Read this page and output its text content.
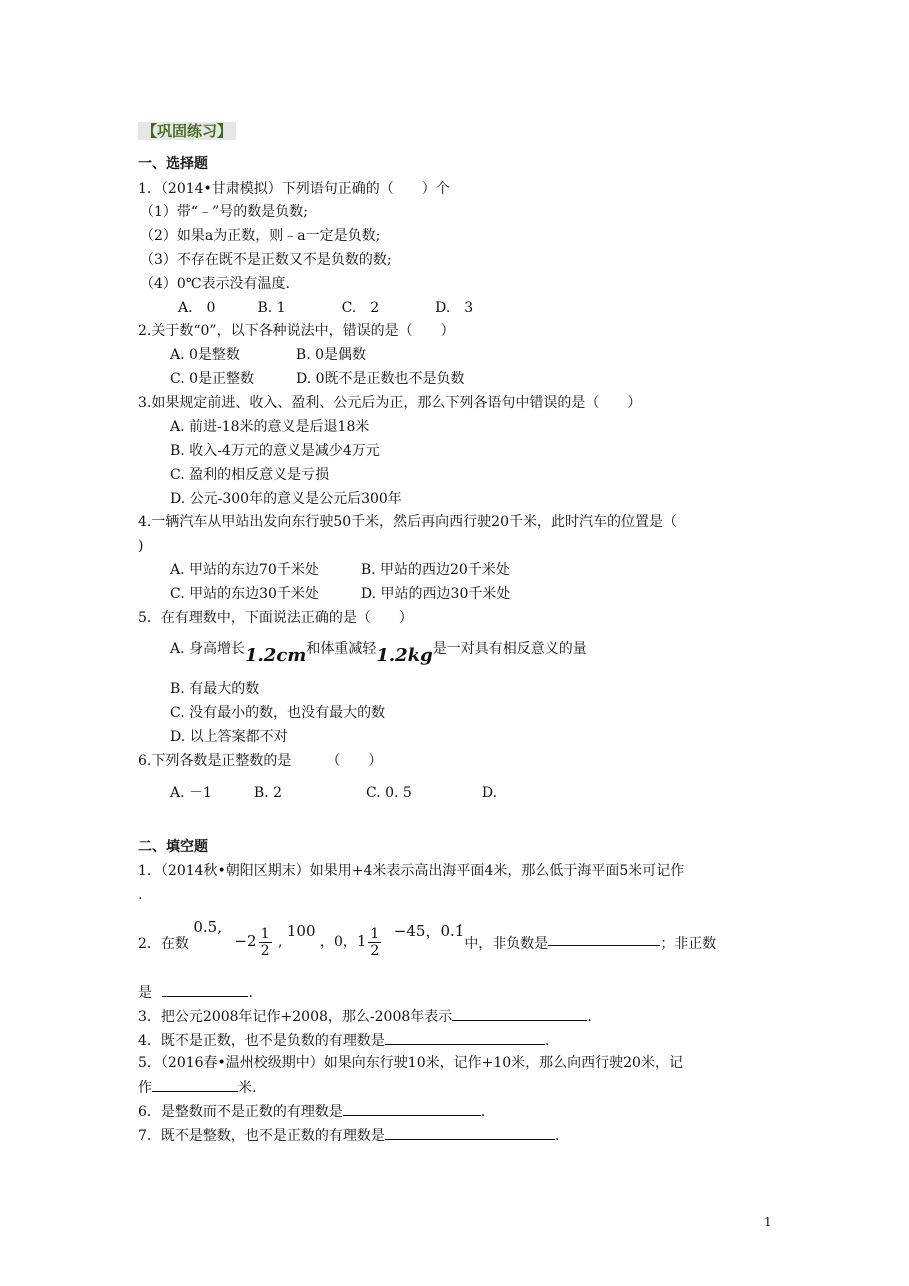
【巩固练习】
一、选择题
1．（2014•甘肃模拟）下列语句正确的（　　）个
（1）带“﹣”号的数是负数;
（2）如果a为正数，则﹣a一定是负数;
（3）不存在既不是正数又不是负数的数;
（4）0℃表示没有温度.
A.　0　　　B. 1　　　　C.　2　　　　D.　3
2.关于数“0”，以下各种说法中，错误的是（　　）
A. 0是整数　　　　B. 0是偶数
C. 0是正整数　　　D. 0既不是正数也不是负数
3.如果规定前进、收入、盈利、公元后为正，那么下列各语句中错误的是（　　）
A. 前进-18米的意义是后退18米
B. 收入-4万元的意义是减少4万元
C. 盈利的相反意义是亏损
D. 公元-300年的意义是公元后300年
4.一辆汽车从甲站出发向东行驶50千米，然后再向西行驶20千米，此时汽车的位置是（
)
A. 甲站的东边70千米处　　　B. 甲站的西边20千米处
C. 甲站的东边30千米处　　　D. 甲站的西边30千米处
5．在有理数中，下面说法正确的是（　　）
A. 身高增长1.2cm和体重减轻1.2kg是一对具有相反意义的量
B. 有最大的数
C. 没有最小的数，也没有最大的数
D. 以上答案都不对
6.下列各数是正整数的是　　　（　　）
A. －1　　　B. 2　　　　　　C. 0. 5　　　　　D.
二、填空题
1．（2014秋•朝阳区期末）如果用+4米表示高出海平面4米，那么低于海平面5米可记作
.
2．在数 0.5, $-2 \frac{1}{2}$ , 100 ，0，$1 \frac{1}{2} -45$，0.1̇中，非负数是	；非正数
是	.
3．把公元2008年记作+2008，那么-2008年表示	.
4．既不是正数，也不是负数的有理数是	.
5．（2016春•温州校级期中）如果向东行驶10米，记作+10米，那么向西行驶20米，记
作	米.
6．是整数而不是正数的有理数是	.
7．既不是整数，也不是正数的有理数是	.
1
